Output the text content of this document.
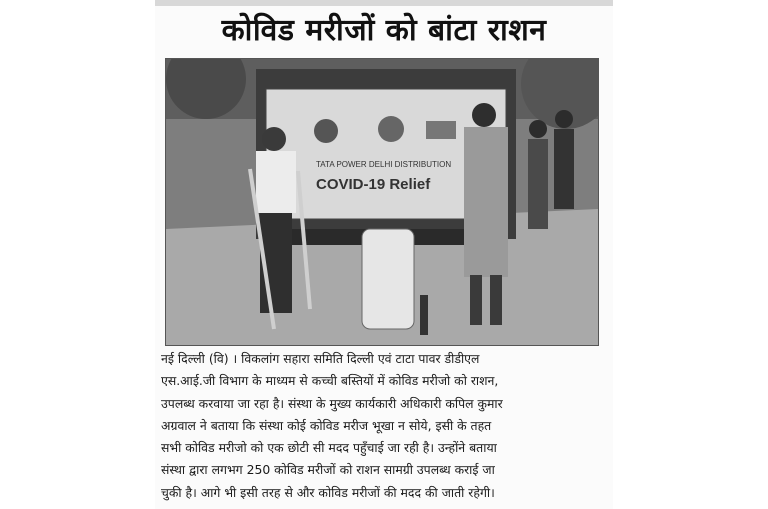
कोविड मरीजों को बांटा राशन
TATA POWER DELHI DISTRIBUTION
COVID-19 Relief
नई दिल्ली (वि) । विकलांग सहारा समिति दिल्ली एवं टाटा पावर डीडीएल
एस.आई.जी विभाग के माध्यम से कच्ची बस्तियों में कोविड मरीजो को राशन,
उपलब्ध करवाया जा रहा है। संस्था के मुख्य कार्यकारी अधिकारी कपिल कुमार
अग्रवाल ने बताया कि संस्था कोई कोविड मरीज भूखा न सोये, इसी के तहत
सभी कोविड मरीजो को एक छोटी सी मदद पहुँचाई जा रही है। उन्होंने बताया
संस्था द्वारा लगभग 250 कोविड मरीजों को राशन सामग्री उपलब्ध कराई जा
चुकी है। आगे भी इसी तरह से और कोविड मरीजों की मदद की जाती रहेगी।
